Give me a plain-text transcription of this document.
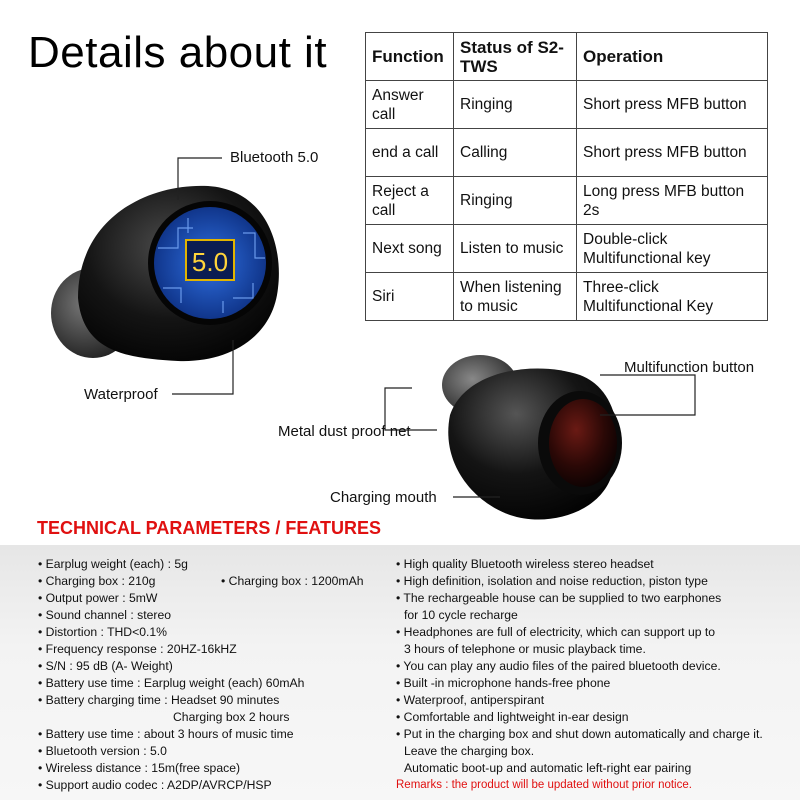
Details about it	Function	Status of S2-TWS	Operation
Answer call	Ringing	Short press MFB button
end a call	Calling	Short press MFB button
Reject a call	Ringing	Long press MFB button 2s
Next song	Listen to music	Double-click Multifunctional key
Siri	When listening to music	Three-click Multifunctional Key
5.0
Bluetooth 5.0
Waterproof
Multifunction button
Metal dust proof net
Charging mouth
TECHNICAL PARAMETERS / FEATURES
• Earplug weight (each) : 5g
• Charging box : 210g	• Charging box : 1200mAh
• Output power : 5mW
• Sound channel : stereo
• Distortion : THD<0.1%
• Frequency response : 20HZ-16kHZ
• S/N : 95 dB (A- Weight)
• Battery use time : Earplug weight (each) 60mAh
• Battery charging time : Headset 90 minutes
Charging box 2 hours
• Battery use time : about 3 hours of music time
• Bluetooth version : 5.0
• Wireless distance : 15m(free space)
• Support audio codec : A2DP/AVRCP/HSP
• High quality Bluetooth wireless stereo headset
• High definition, isolation and noise reduction, piston type
• The rechargeable house can be supplied to two earphones
for 10 cycle recharge
• Headphones are full of electricity, which can support up to
3 hours of telephone or music playback time.
• You can play any audio files of the paired bluetooth device.
• Built -in microphone hands-free phone
• Waterproof, antiperspirant
• Comfortable and lightweight in-ear design
• Put in the charging box and shut down automatically and charge it.
Leave the charging box.
Automatic boot-up and automatic left-right ear pairing
Remarks : the product will be updated without prior notice.
